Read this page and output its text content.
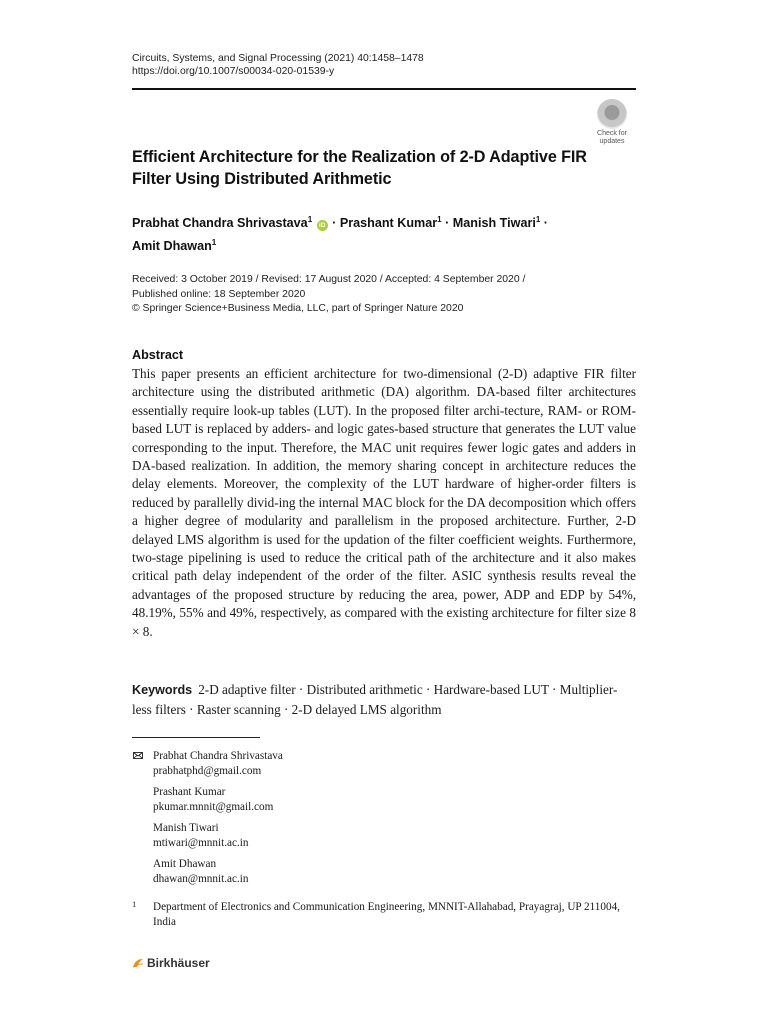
Circuits, Systems, and Signal Processing (2021) 40:1458–1478
https://doi.org/10.1007/s00034-020-01539-y
Check for
updates
Efficient Architecture for the Realization of 2-D Adaptive FIR Filter Using Distributed Arithmetic

Prabhat Chandra Shrivastava$^1$ iD · Prashant Kumar$^1$ · Manish Tiwari$^1$ ·
Amit Dhawan$^1$

Received: 3 October 2019 / Revised: 17 August 2020 / Accepted: 4 September 2020 /
Published online: 18 September 2020
© Springer Science+Business Media, LLC, part of Springer Nature 2020
Abstract

This paper presents an efficient architecture for two-dimensional (2-D) adaptive FIR filter architecture using the distributed arithmetic (DA) algorithm. DA-based filter architectures essentially require look-up tables (LUT). In the proposed filter archi-tecture, RAM- or ROM-based LUT is replaced by adders- and logic gates-based structure that generates the LUT value corresponding to the input. Therefore, the MAC unit requires fewer logic gates and adders in DA-based realization. In addition, the memory sharing concept in architecture reduces the delay elements. Moreover, the complexity of the LUT hardware of higher-order filters is reduced by parallelly divid-ing the internal MAC block for the DA decomposition which offers a higher degree of modularity and parallelism in the proposed architecture. Further, 2-D delayed LMS algorithm is used for the updation of the filter coefficient weights. Furthermore, two-stage pipelining is used to reduce the critical path of the architecture and it also makes critical path delay independent of the order of the filter. ASIC synthesis results reveal the advantages of the proposed structure by reducing the area, power, ADP and EDP by 54%, 48.19%, 55% and 49%, respectively, as compared with the existing architecture for filter size 8 × 8.

Keywords 2-D adaptive filter · Distributed arithmetic · Hardware-based LUT · Multiplier-less filters · Raster scanning · 2-D delayed LMS algorithm

Prabhat Chandra Shrivastava
prabhatphd@gmail.com
Prashant Kumar
pkumar.mnnit@gmail.com
Manish Tiwari
mtiwari@mnnit.ac.in
Amit Dhawan
dhawan@mnnit.ac.in
1	Department of Electronics and Communication Engineering, MNNIT-Allahabad, Prayagraj, UP 211004, India
Birkhäuser
